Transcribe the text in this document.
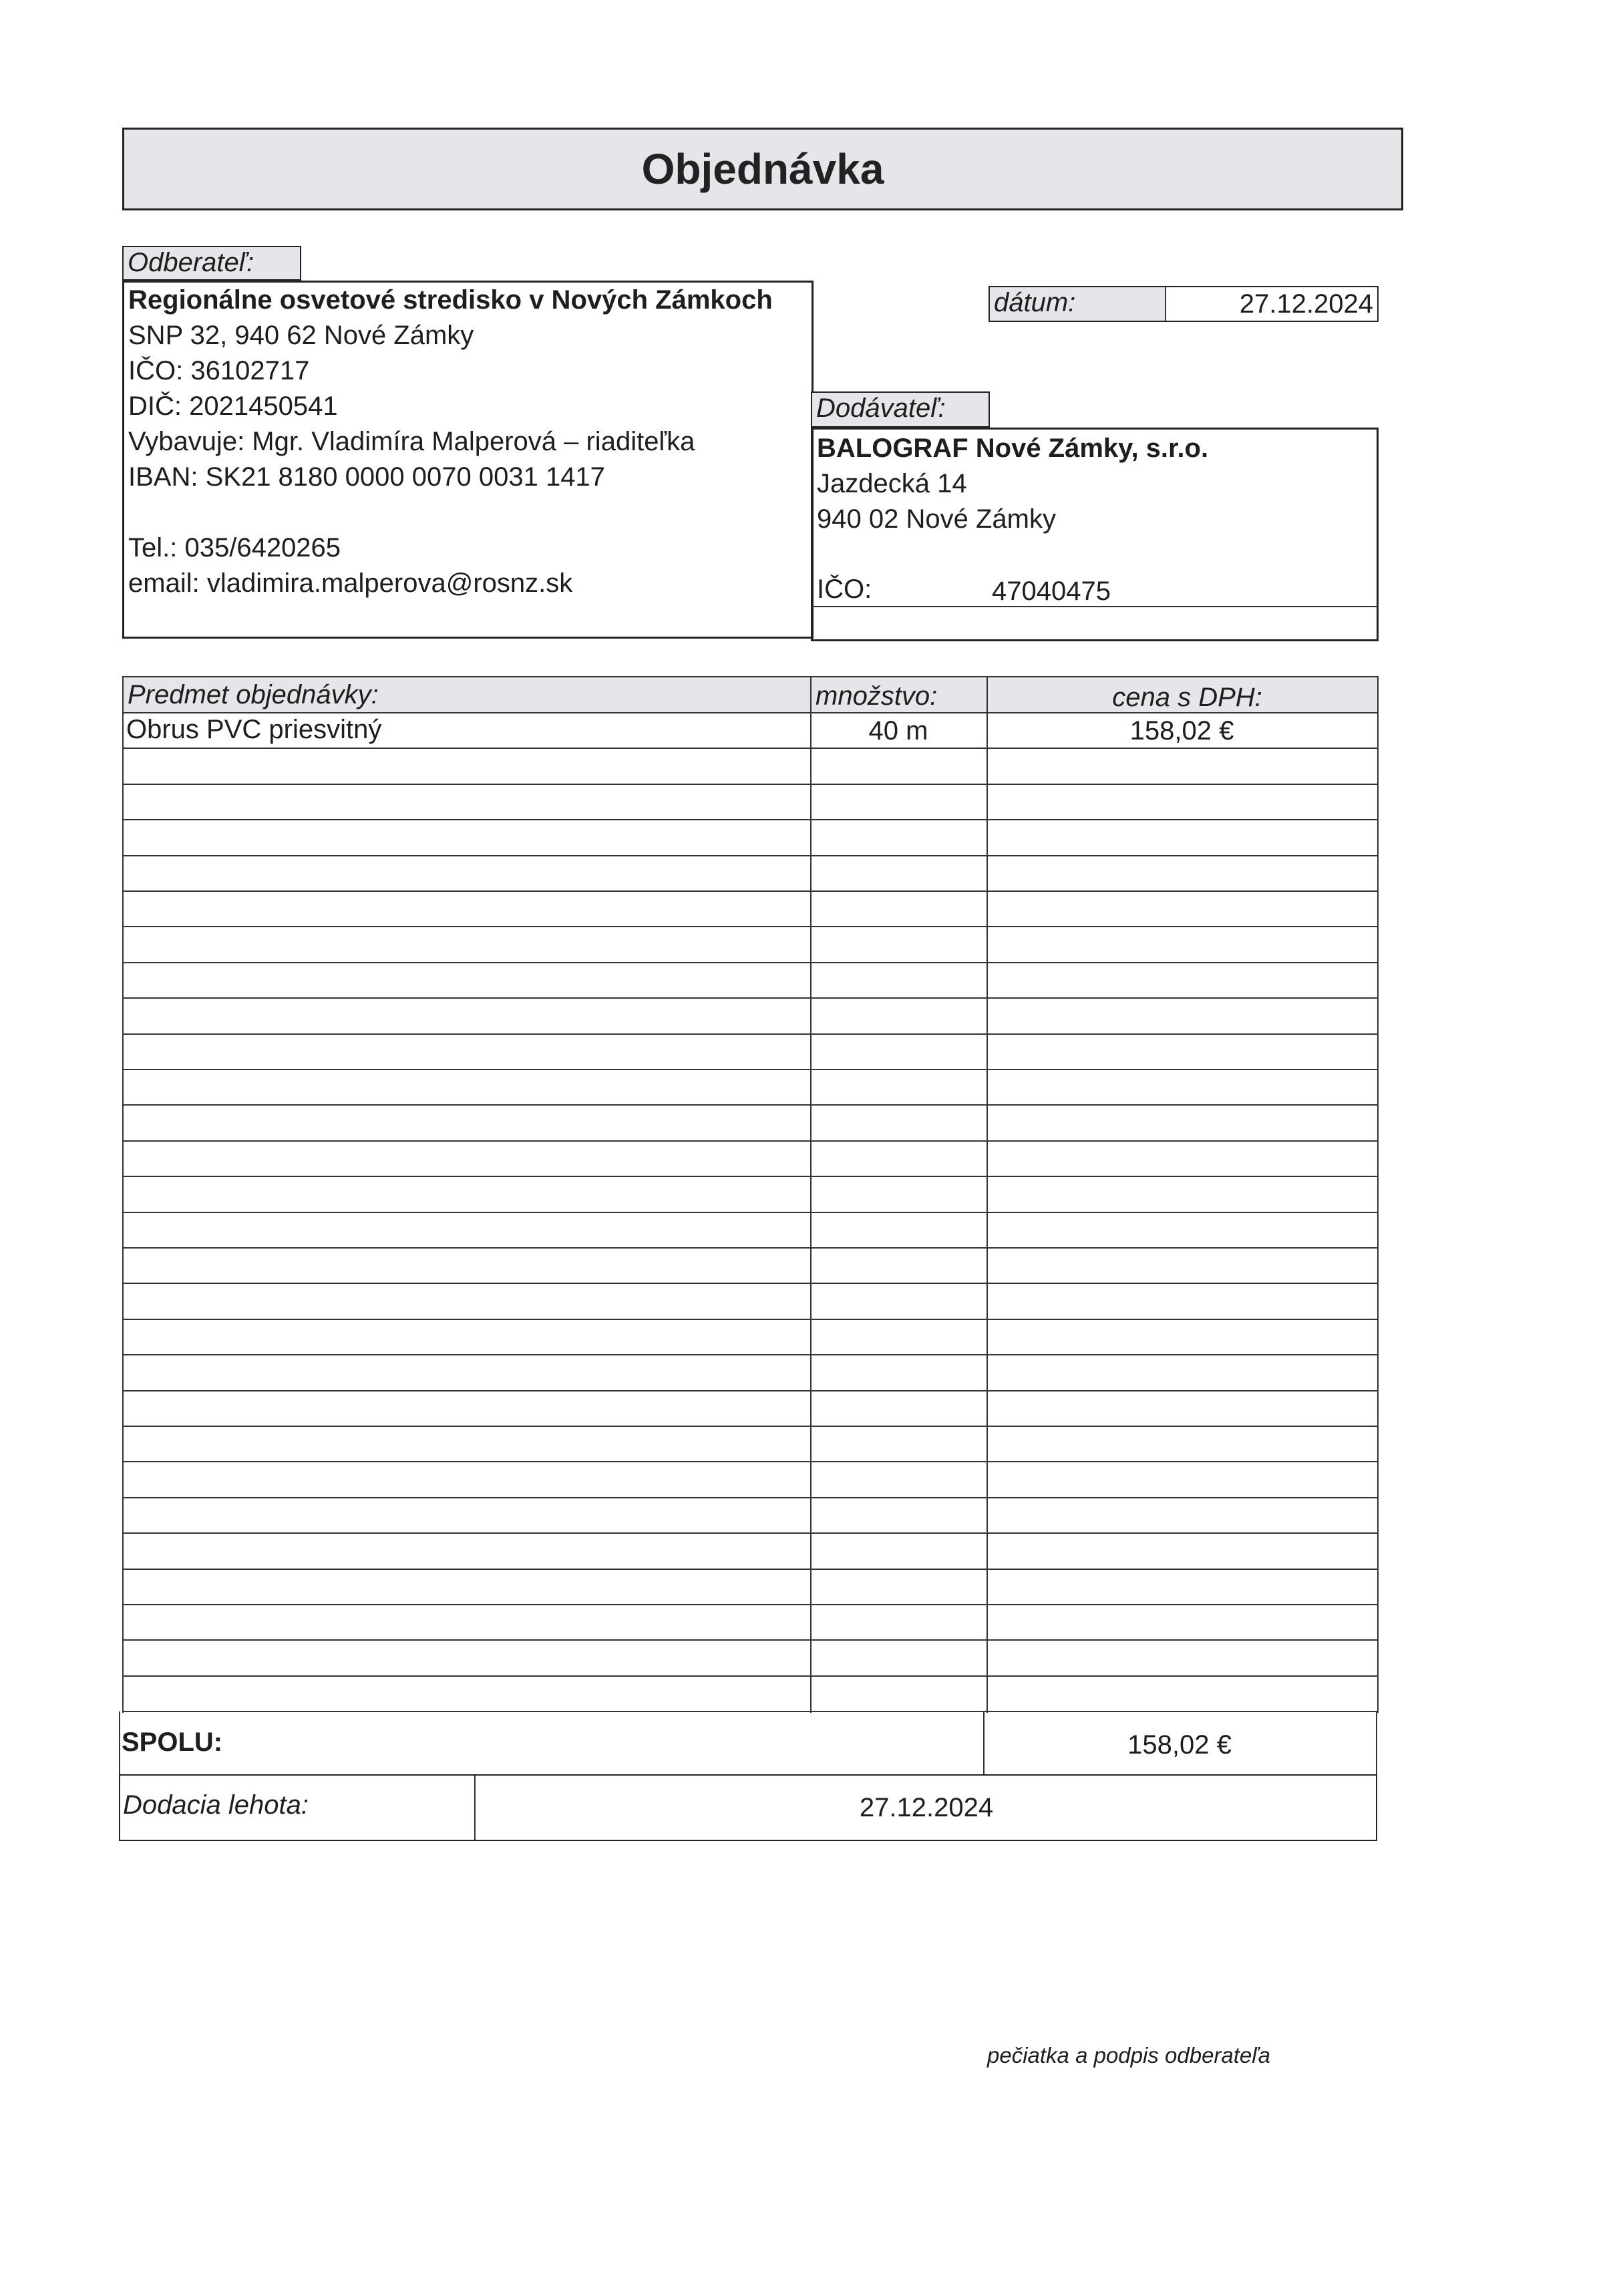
Objednávka
Odberateľ:
Regionálne osvetové stredisko v Nových Zámkoch
SNP 32, 940 62 Nové Zámky
IČO: 36102717
DIČ: 2021450541
Vybavuje: Mgr. Vladimíra Malperová – riaditeľka
IBAN: SK21 8180 0000 0070 0031 1417
Tel.: 035/6420265
email: vladimira.malperova@rosnz.sk
dátum:	27.12.2024
Dodávateľ:
BALOGRAF Nové Zámky, s.r.o.
Jazdecká 14
940 02 Nové Zámky
IČO:	47040475
Predmet objednávky:	množstvo:	cena s DPH:
Obrus PVC priesvitný	40 m	158,02 €
SPOLU:	158,02 €
Dodacia lehota:	27.12.2024
pečiatka a podpis odberateľa
